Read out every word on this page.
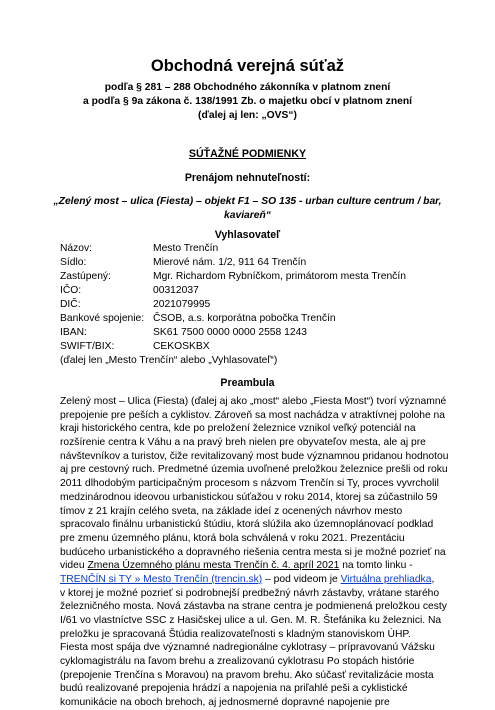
Obchodná verejná súťaž
podľa § 281 – 288 Obchodného zákonníka v platnom znení
a podľa § 9a zákona č. 138/1991 Zb. o majetku obcí v platnom znení
(ďalej aj len: „OVS“)
SÚŤAŽNÉ PODMIENKY
Prenájom nehnuteľností:
„Zelený most – ulica (Fiesta) – objekt F1 – SO 135 - urban culture centrum / bar,
kaviareň“
Vyhlasovateľ
Názov:	Mesto Trenčín
Sídlo:	Mierové nám. 1/2, 911 64 Trenčín
Zastúpený:	Mgr. Richardom Rybníčkom, primátorom mesta Trenčín
IČO:	00312037
DIČ:	2021079995
Bankové spojenie: ČSOB, a.s. korporátna pobočka Trenčín
IBAN:	SK61 7500 0000 0000 2558 1243
SWIFT/BIX:	CEKOSKBX
(ďalej len „Mesto Trenčín“ alebo „Vyhlasovateľ“)
Preambula
Zelený most – Ulica (Fiesta) (ďalej aj ako „most“ alebo „Fiesta Most“) tvorí významné
prepojenie pre peších a cyklistov. Zároveň sa most nachádza v atraktívnej polohe na
kraji historického centra, kde po preložení železnice vznikol veľký potenciál na
rozšírenie centra k Váhu a na pravý breh nielen pre obyvateľov mesta, ale aj pre
návštevníkov a turistov, čiže revitalizovaný most bude významnou pridanou hodnotou
aj pre cestovný ruch. Predmetné územia uvoľnené preložkou železnice prešli od roku
2011 dlhodobým participačným procesom s názvom Trenčín si Ty, proces vyvrcholil
medzinárodnou ideovou urbanistickou súťažou v roku 2014, ktorej sa zúčastnilo 59
tímov z 21 krajín celého sveta, na základe ideí z ocenených návrhov mesto
spracovalo finálnu urbanistickú štúdiu, ktorá slúžila ako územnoplánovací podklad
pre zmenu územného plánu, ktorá bola schválená v roku 2021. Prezentáciu
budúceho urbanistického a dopravného riešenia centra mesta si je možné pozrieť na
videu Zmena Územného plánu mesta Trenčín č. 4. apríl 2021 na tomto linku -
TRENČÍN si TY » Mesto Trenčín (trencin.sk) – pod videom je Virtuálna prehliadka,
v ktorej je možné pozrieť si podrobnejší predbežný návrh zástavby, vrátane starého
železničného mosta. Nová zástavba na strane centra je podmienená preložkou cesty
I/61 vo vlastníctve SSC z Hasičskej ulice a ul. Gen. M. R. Štefánika ku železnici. Na
preložku je spracovaná Štúdia realizovateľnosti s kladným stanoviskom ÚHP.
Fiesta most spája dve významné nadregionálne cyklotrasy – prípravovanú Vážsku
cyklomagistrálu na ľavom brehu a zrealizovanú cyklotrasu Po stopách histórie
(prepojenie Trenčína s Moravou) na pravom brehu. Ako súčasť revitalizácie mosta
budú realizované prepojenia hrádzí a napojenia na priľahlé peši a cyklistické
komunikácie na oboch brehoch, aj jednosmerné dopravné napojenie pre
